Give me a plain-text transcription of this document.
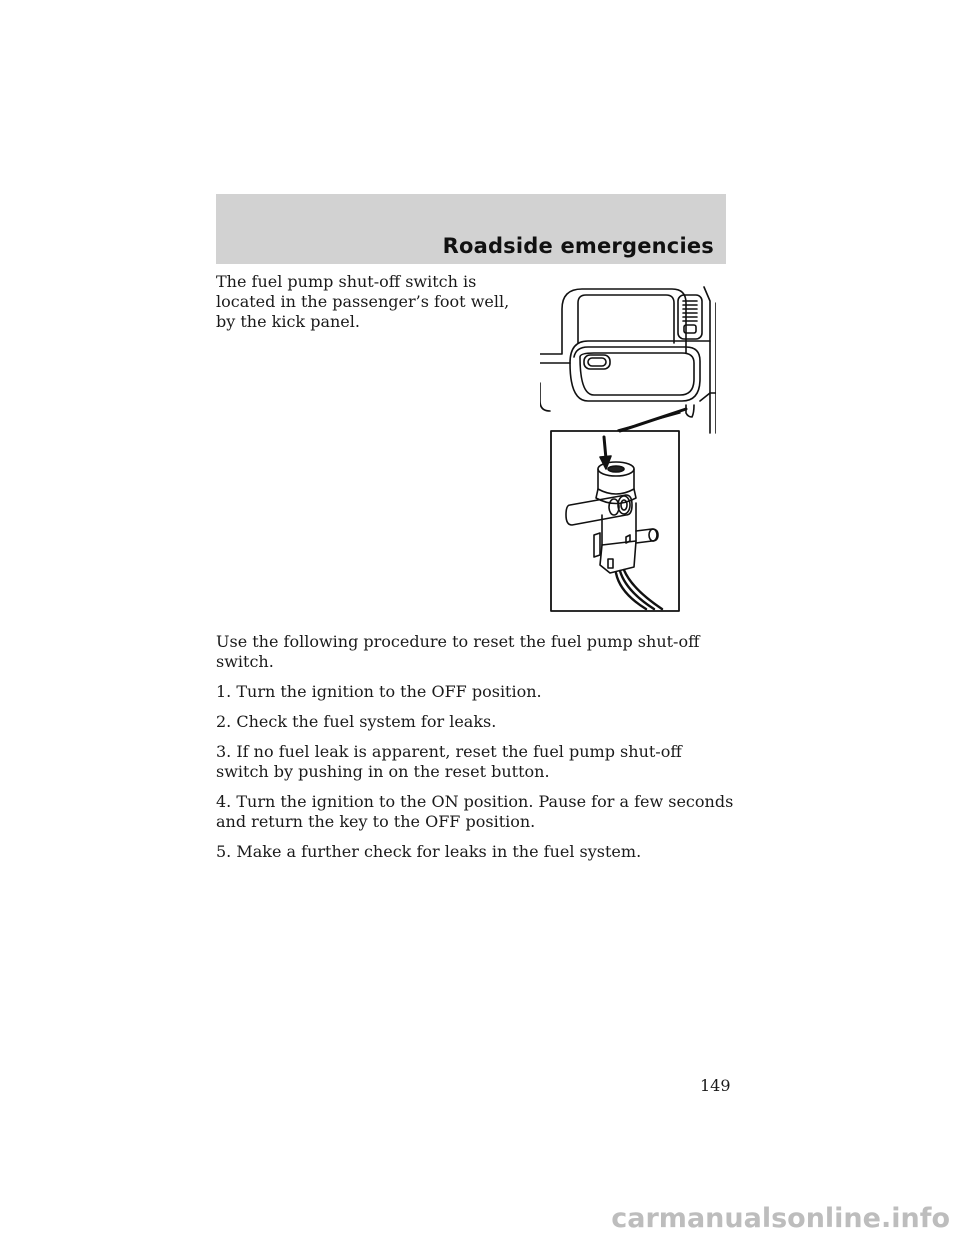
Roadside emergencies

The fuel pump shut-off switch is located in the passenger’s foot well, by the kick panel.

Use the following procedure to reset the fuel pump shut-off switch.

1. Turn the ignition to the OFF position.

2. Check the fuel system for leaks.

3. If no fuel leak is apparent, reset the fuel pump shut-off switch by pushing in on the reset button.

4. Turn the ignition to the ON position. Pause for a few seconds and return the key to the OFF position.

5. Make a further check for leaks in the fuel system.

149

carmanualsonline.info
